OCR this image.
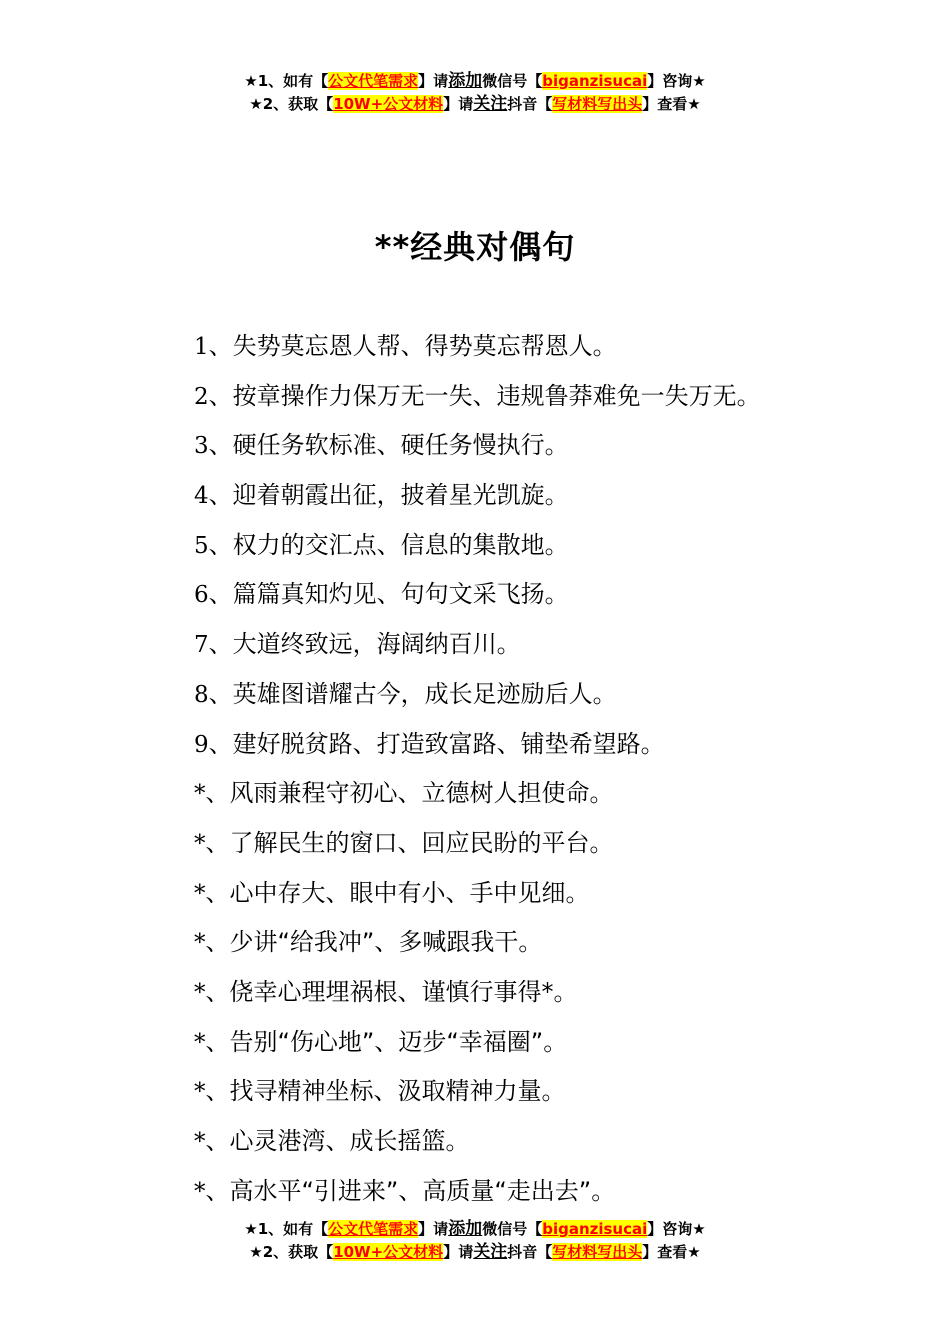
★1、如有【公文代笔需求】请添加微信号【biganzisucai】咨询★
★2、获取【10W+公文材料】请关注抖音【写材料写出头】查看★
**经典对偶句
1、失势莫忘恩人帮、得势莫忘帮恩人。
2、按章操作力保万无一失、违规鲁莽难免一失万无。
3、硬任务软标准、硬任务慢执行。
4、迎着朝霞出征，披着星光凯旋。
5、权力的交汇点、信息的集散地。
6、篇篇真知灼见、句句文采飞扬。
7、大道终致远，海阔纳百川。
8、英雄图谱耀古今，成长足迹励后人。
9、建好脱贫路、打造致富路、铺垫希望路。
*、风雨兼程守初心、立德树人担使命。
*、了解民生的窗口、回应民盼的平台。
*、心中存大、眼中有小、手中见细。
*、少讲“给我冲”、多喊跟我干。
*、侥幸心理埋祸根、谨慎行事得*。
*、告别“伤心地”、迈步“幸福圈”。
*、找寻精神坐标、汲取精神力量。
*、心灵港湾、成长摇篮。
*、高水平“引进来”、高质量“走出去”。
★1、如有【公文代笔需求】请添加微信号【biganzisucai】咨询★
★2、获取【10W+公文材料】请关注抖音【写材料写出头】查看★
